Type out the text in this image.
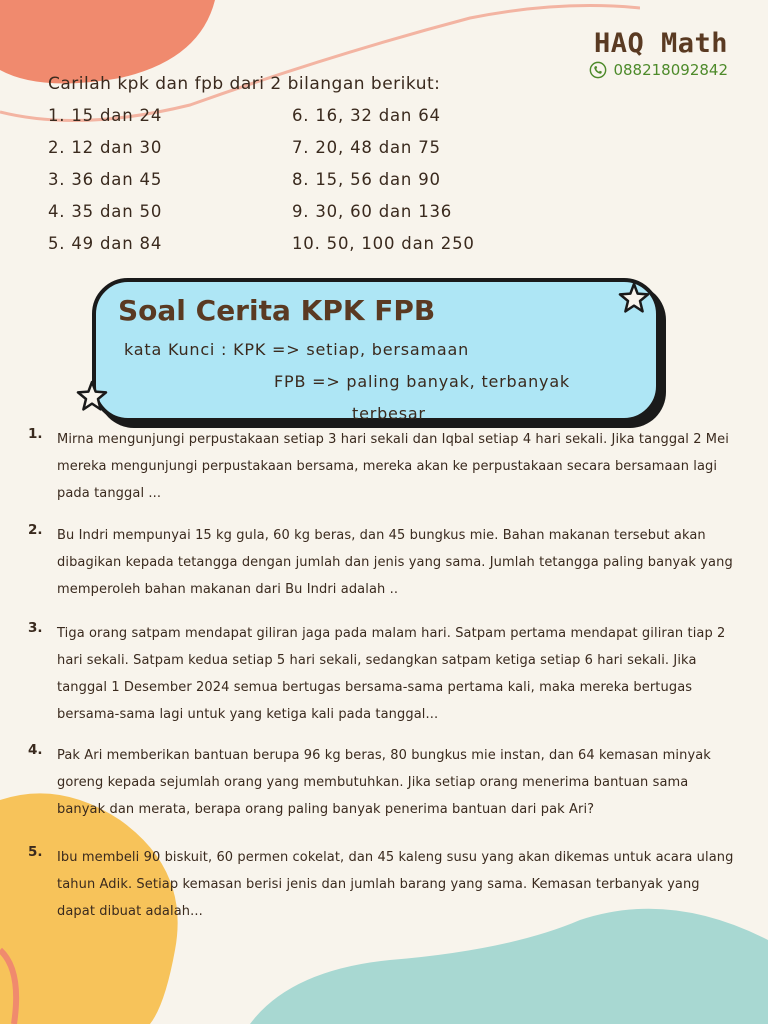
HAQ Math
088218092842
Carilah kpk dan fpb dari 2 bilangan berikut:
1. 15 dan 24
2. 12 dan 30
3. 36 dan 45
4. 35 dan 50
5. 49 dan 84
6. 16, 32 dan 64
7. 20, 48 dan 75
8. 15, 56 dan 90
9. 30, 60 dan 136
10. 50, 100 dan 250
Soal Cerita KPK FPB
kata Kunci : KPK => setiap, bersamaan
FPB => paling banyak, terbanyak
terbesar
1. Mirna mengunjungi perpustakaan setiap 3 hari sekali dan Iqbal setiap 4 hari sekali. Jika tanggal 2 Mei mereka mengunjungi perpustakaan bersama, mereka akan ke perpustakaan secara bersamaan lagi pada tanggal ...
2. Bu Indri mempunyai 15 kg gula, 60 kg beras, dan 45 bungkus mie. Bahan makanan tersebut akan dibagikan kepada tetangga dengan jumlah dan jenis yang sama. Jumlah tetangga paling banyak yang memperoleh bahan makanan dari Bu Indri adalah ..
3. Tiga orang satpam mendapat giliran jaga pada malam hari. Satpam pertama mendapat giliran tiap 2 hari sekali. Satpam kedua setiap 5 hari sekali, sedangkan satpam ketiga setiap 6 hari sekali. Jika tanggal 1 Desember 2024 semua bertugas bersama-sama pertama kali, maka mereka bertugas bersama-sama lagi untuk yang ketiga kali pada tanggal...
4. Pak Ari memberikan bantuan berupa 96 kg beras, 80 bungkus mie instan, dan 64 kemasan minyak goreng kepada sejumlah orang yang membutuhkan. Jika setiap orang menerima bantuan sama banyak dan merata, berapa orang paling banyak penerima bantuan dari pak Ari?
5. Ibu membeli 90 biskuit, 60 permen cokelat, dan 45 kaleng susu yang akan dikemas untuk acara ulang tahun Adik. Setiap kemasan berisi jenis dan jumlah barang yang sama. Kemasan terbanyak yang dapat dibuat adalah...
